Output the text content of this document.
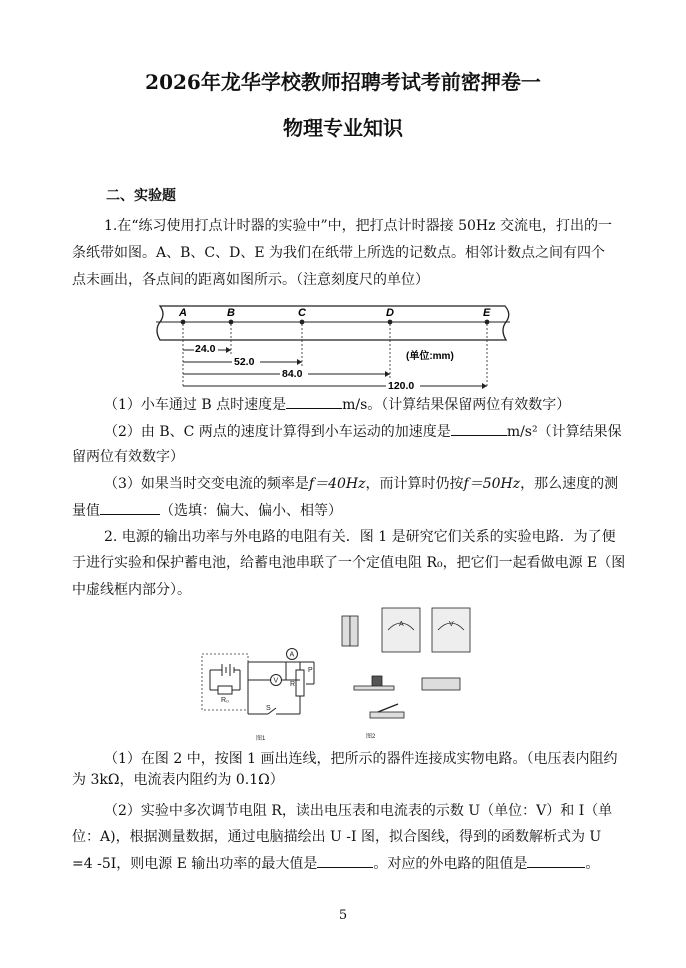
2026年龙华学校教师招聘考试考前密押卷一
物理专业知识
二、实验题
1.在“练习使用打点计时器的实验中”中，把打点计时器接 50Hz 交流电，打出的一
条纸带如图。A、B、C、D、E 为我们在纸带上所选的记数点。相邻计数点之间有四个
点未画出，各点间的距离如图所示。（注意刻度尺的单位）
A	B	C	D	E
24.0
52.0
84.0
120.0
(单位:mm)
（1）小车通过 B 点时速度是	m/s。（计算结果保留两位有效数字）
（2）由 B、C 两点的速度计算得到小车运动的加速度是	m/s²（计算结果保
留两位有效数字）
（3）如果当时交变电流的频率是f＝40Hz，而计算时仍按f＝50Hz，那么速度的测
量值	（选填：偏大、偏小、相等）
2. 电源的输出功率与外电路的电阻有关．图 1 是研究它们关系的实验电路．为了便
于进行实验和保护蓄电池，给蓄电池串联了一个定值电阻 R₀，把它们一起看做电源 E（图
中虚线框内部分）。
A
V
R₀
R
P
S
图1
A	V
图2
（1）在图 2 中，按图 1 画出连线，把所示的器件连接成实物电路。（电压表内阻约
为 3kΩ，电流表内阻约为 0.1Ω）
（2）实验中多次调节电阻 R，读出电压表和电流表的示数 U（单位：V）和 I（单
位：A)，根据测量数据，通过电脑描绘出 U -I 图，拟合图线，得到的函数解析式为 U
=4 -5I，则电源 E 输出功率的最大值是	。对应的外电路的阻值是	。
5
